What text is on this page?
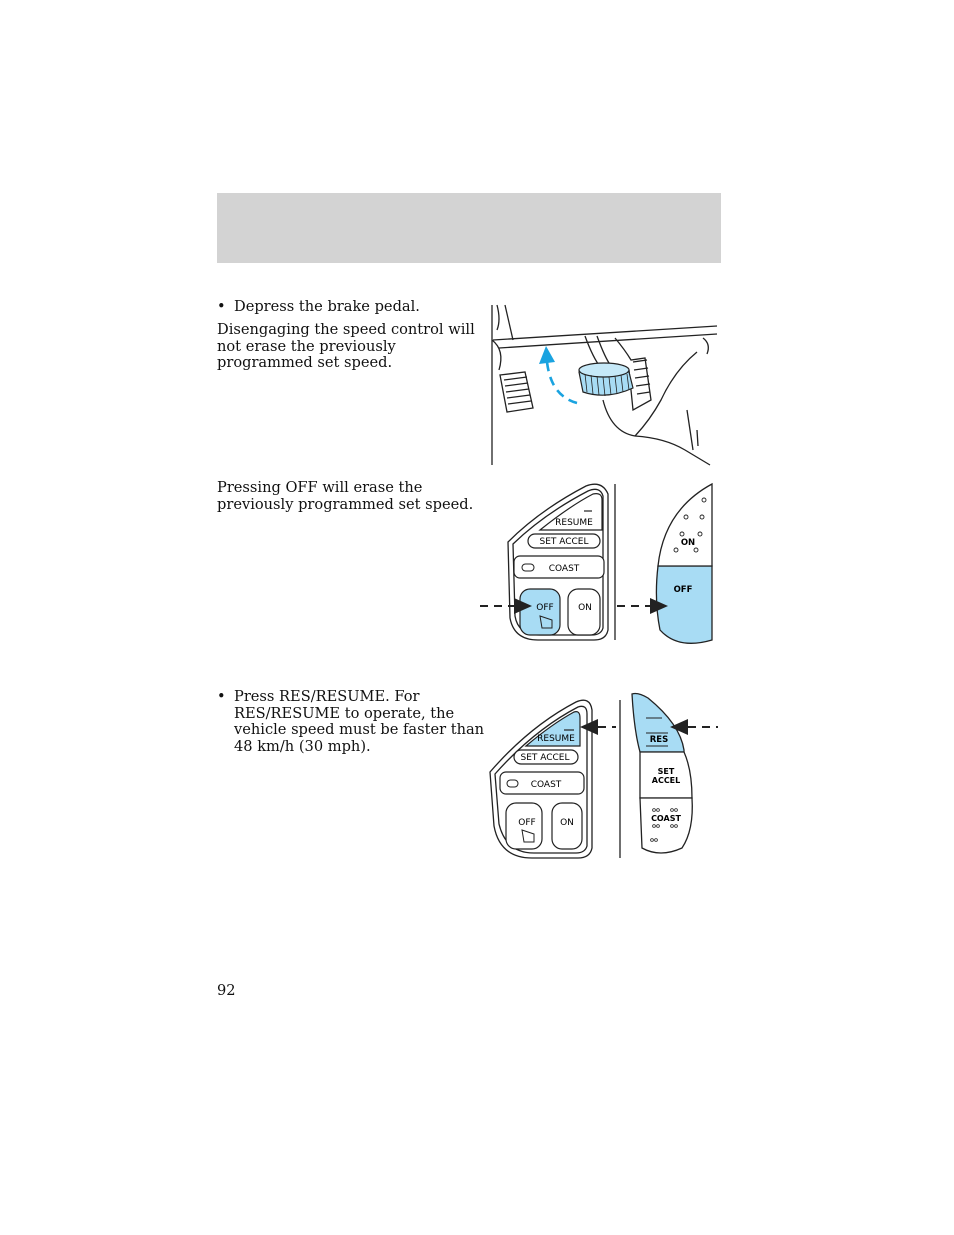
• Depress the brake pedal.
Disengaging the speed control will
not erase the previously
programmed set speed.
Pressing OFF will erase the
previously programmed set speed.
• Press RES/RESUME. For
RES/RESUME to operate, the
vehicle speed must be faster than
48 km/h (30 mph).
RESUME
SET ACCEL
COAST
OFF	ON
ON
OFF
RESUME
SET ACCEL
COAST
OFF	ON
RES
SET
ACCEL
COAST
92
